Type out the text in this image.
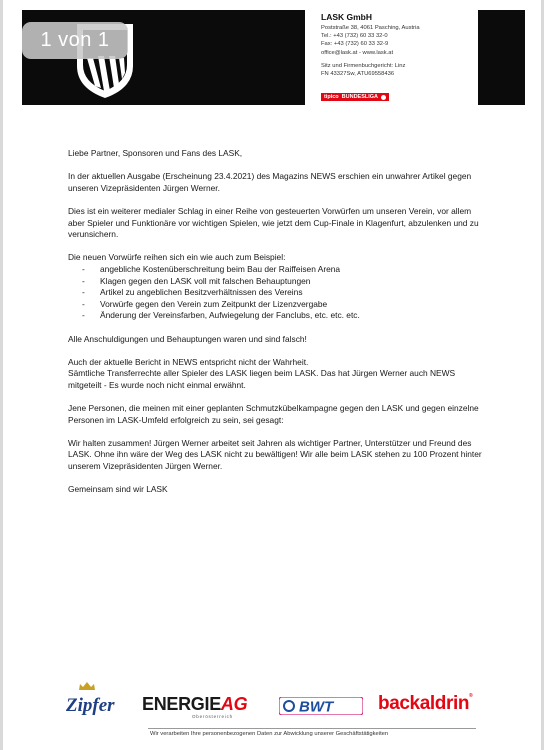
1 von 1
LASK GmbH
Poststraße 38, 4061 Pasching, Austria
Tel.: +43 (732) 60 33 32-0
Fax: +43 (732) 60 33 32-9
office@lask.at - www.lask.at
Sitz und Firmenbuchgericht: Linz
FN 43327Sw, ATU69558436
tipico BUNDESLIGA

Liebe Partner, Sponsoren und Fans des LASK,

In der aktuellen Ausgabe (Erscheinung 23.4.2021) des Magazins NEWS erschien ein unwahrer Artikel gegen unseren Vizepräsidenten Jürgen Werner.

Dies ist ein weiterer medialer Schlag in einer Reihe von gesteuerten Vorwürfen um unseren Verein, vor allem aber Spieler und Funktionäre vor wichtigen Spielen, wie jetzt dem Cup-Finale in Klagenfurt, abzulenken und zu verunsichern.

Die neuen Vorwürfe reihen sich ein wie auch zum Beispiel:

-	angebliche Kostenüberschreitung beim Bau der Raiffeisen Arena
-	Klagen gegen den LASK voll mit falschen Behauptungen
-	Artikel zu angeblichen Besitzverhältnissen des Vereins
-	Vorwürfe gegen den Verein zum Zeitpunkt der Lizenzvergabe
-	Änderung der Vereinsfarben, Aufwiegelung der Fanclubs, etc. etc. etc.

Alle Anschuldigungen und Behauptungen waren und sind falsch!

Auch der aktuelle Bericht in NEWS entspricht nicht der Wahrheit.

Sämtliche Transferrechte aller Spieler des LASK liegen beim LASK. Das hat Jürgen Werner auch NEWS mitgeteilt - Es wurde noch nicht einmal erwähnt.

Jene Personen, die meinen mit einer geplanten Schmutzkübelkampagne gegen den LASK und gegen einzelne Personen im LASK-Umfeld erfolgreich zu sein, sei gesagt:

Wir halten zusammen! Jürgen Werner arbeitet seit Jahren als wichtiger Partner, Unterstützer und Freund des LASK. Ohne ihn wäre der Weg des LASK nicht zu bewältigen! Wir alle beim LASK stehen zu 100 Prozent hinter unserem Vizepräsidenten Jürgen Werner.

Gemeinsam sind wir LASK

Zipfer ENERGIEAG
Oberösterreich
BWT backaldrin®
Wir verarbeiten Ihre personenbezogenen Daten zur Abwicklung unserer Geschäftstätigkeiten
